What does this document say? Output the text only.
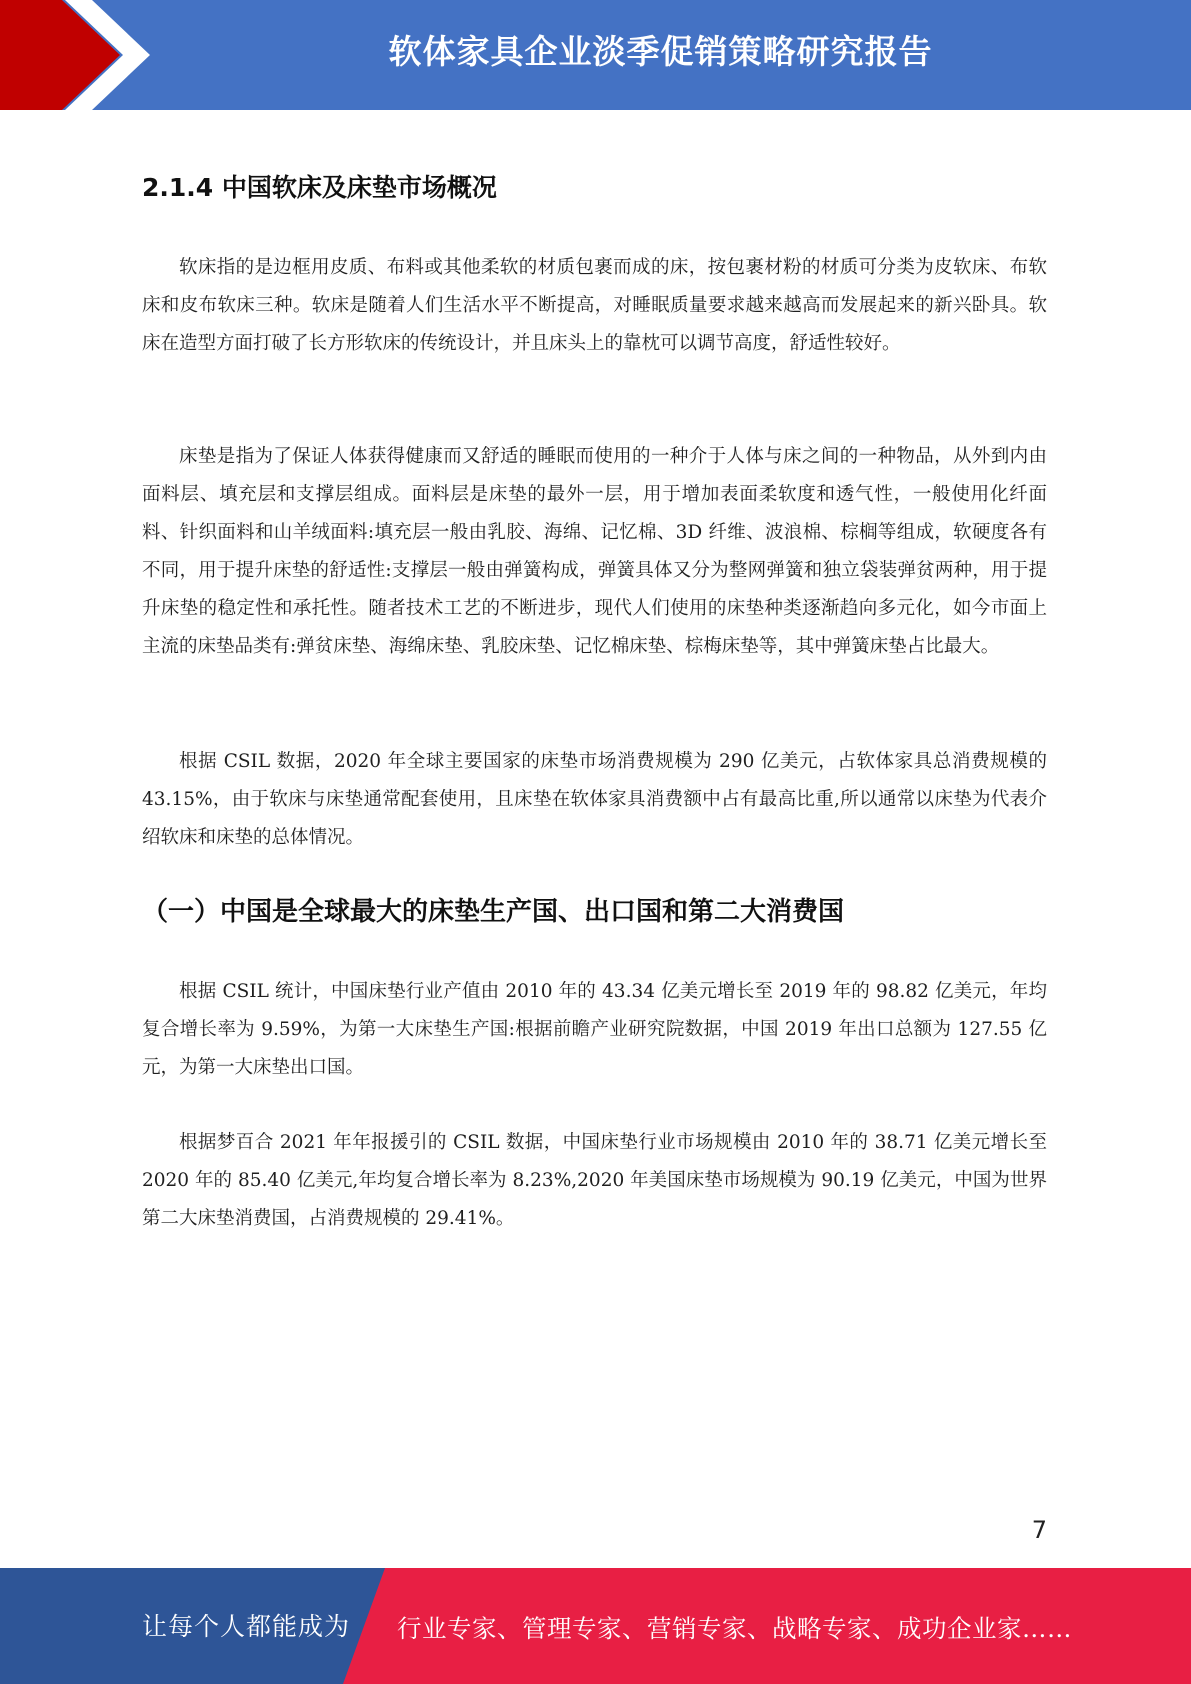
软体家具企业淡季促销策略研究报告
2.1.4 中国软床及床垫市场概况

软床指的是边框用皮质、布料或其他柔软的材质包裹而成的床，按包裹材粉的材质可分类为皮软床、布软床和皮布软床三种。软床是随着人们生活水平不断提高，对睡眠质量要求越来越高而发展起来的新兴卧具。软床在造型方面打破了长方形软床的传统设计，并且床头上的靠枕可以调节高度，舒适性较好。

床垫是指为了保证人体获得健康而又舒适的睡眠而使用的一种介于人体与床之间的一种物品，从外到内由面料层、填充层和支撑层组成。面料层是床垫的最外一层，用于增加表面柔软度和透气性，一般使用化纤面料、针织面料和山羊绒面料:填充层一般由乳胶、海绵、记忆棉、3D 纤维、波浪棉、棕榈等组成，软硬度各有不同，用于提升床垫的舒适性:支撑层一般由弹簧构成，弹簧具体又分为整网弹簧和独立袋装弹贫两种，用于提升床垫的稳定性和承托性。随者技术工艺的不断进步，现代人们使用的床垫种类逐渐趋向多元化，如今市面上主流的床垫品类有:弹贫床垫、海绵床垫、乳胶床垫、记忆棉床垫、棕梅床垫等，其中弹簧床垫占比最大。

根据 CSIL 数据，2020 年全球主要国家的床垫市场消费规模为 290 亿美元，占软体家具总消费规模的 43.15%，由于软床与床垫通常配套使用，且床垫在软体家具消费额中占有最高比重,所以通常以床垫为代表介绍软床和床垫的总体情况。

（一）中国是全球最大的床垫生产国、出口国和第二大消费国

根据 CSIL 统计，中国床垫行业产值由 2010 年的 43.34 亿美元增长至 2019 年的 98.82 亿美元，年均复合增长率为 9.59%，为第一大床垫生产国:根据前瞻产业研究院数据，中国 2019 年出口总额为 127.55 亿元，为第一大床垫出口国。

根据梦百合 2021 年年报援引的 CSIL 数据，中国床垫行业市场规模由 2010 年的 38.71 亿美元增长至 2020 年的 85.40 亿美元,年均复合增长率为 8.23%,2020 年美国床垫市场规模为 90.19 亿美元，中国为世界第二大床垫消费国，占消费规模的 29.41%。

7
让每个人都能成为 行业专家、管理专家、营销专家、战略专家、成功企业家……
